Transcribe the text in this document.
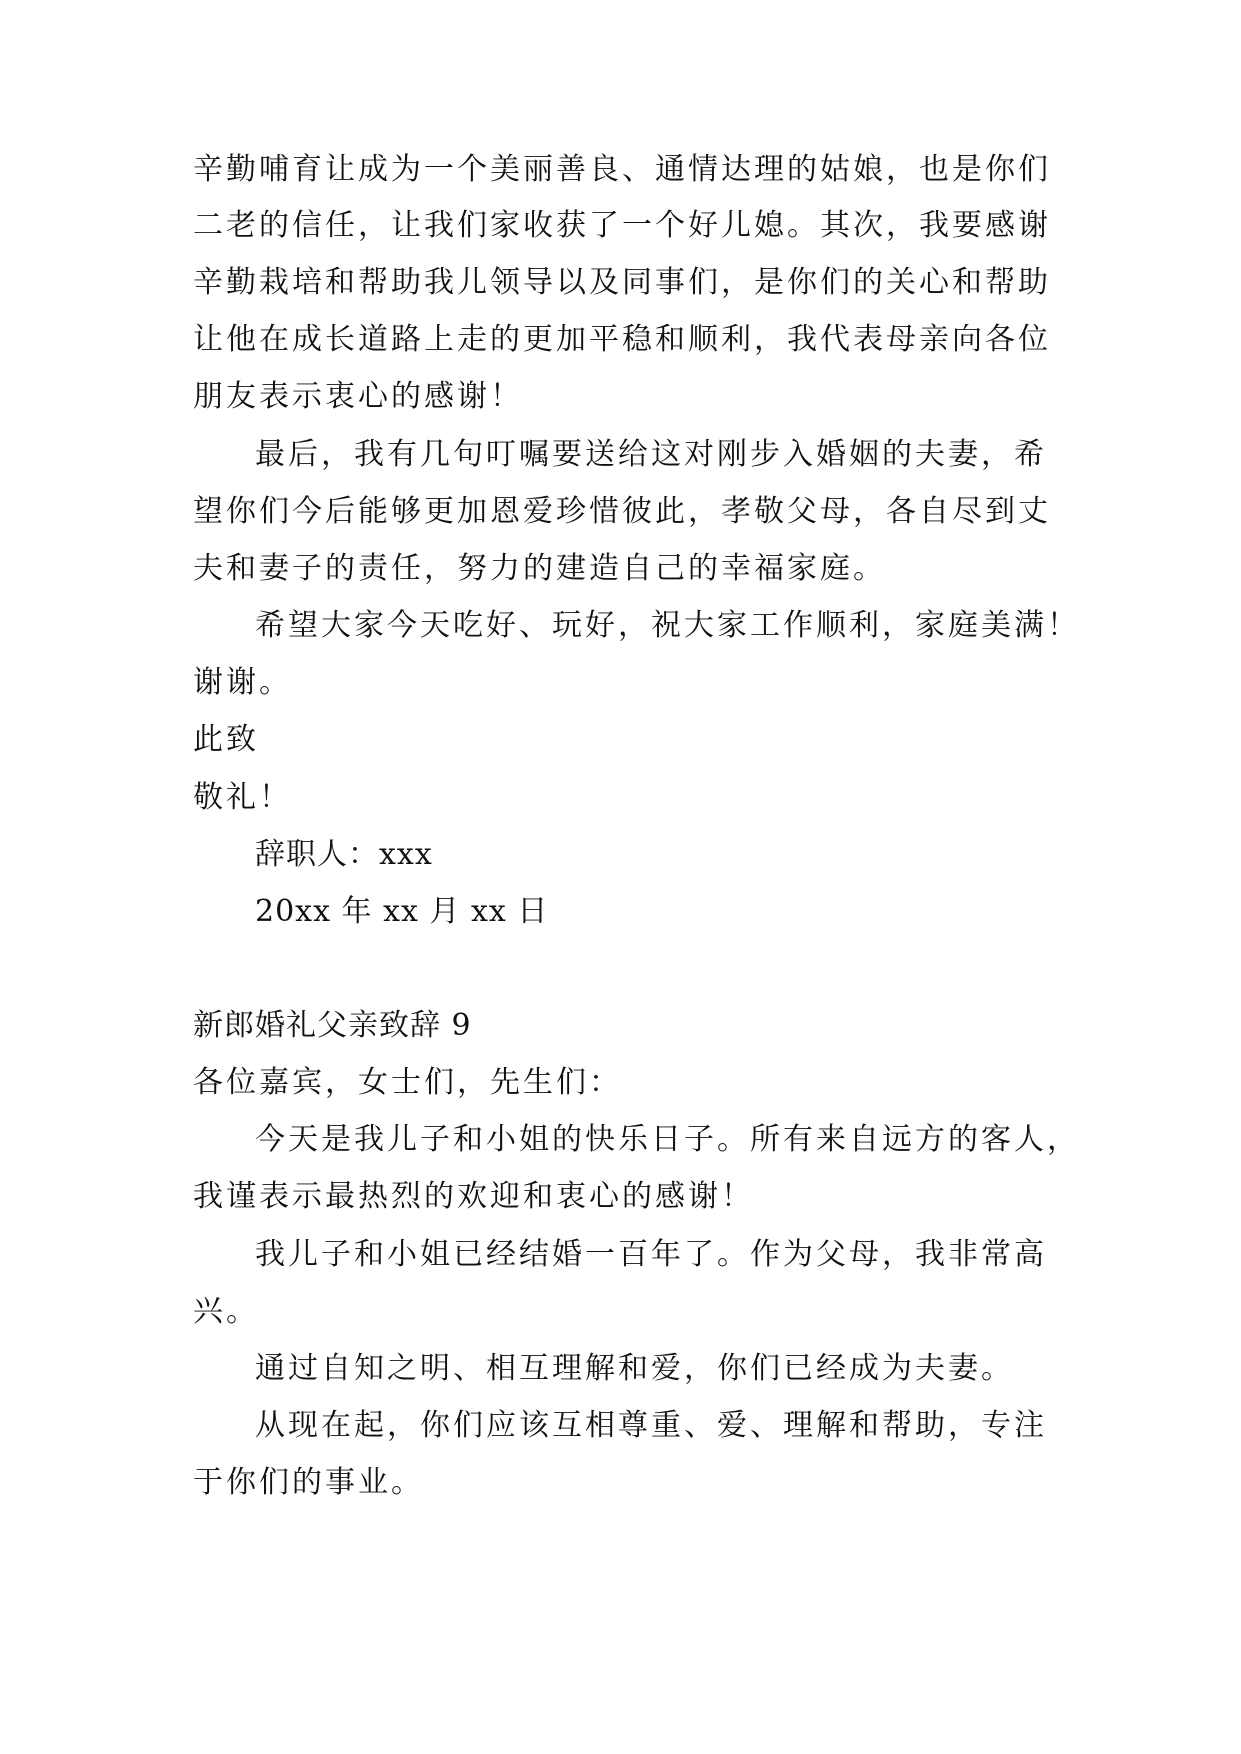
辛勤哺育让成为一个美丽善良、通情达理的姑娘，也是你们
二老的信任，让我们家收获了一个好儿媳。其次，我要感谢
辛勤栽培和帮助我儿领导以及同事们，是你们的关心和帮助
让他在成长道路上走的更加平稳和顺利，我代表母亲向各位
朋友表示衷心的感谢！
最后，我有几句叮嘱要送给这对刚步入婚姻的夫妻，希
望你们今后能够更加恩爱珍惜彼此，孝敬父母，各自尽到丈
夫和妻子的责任，努力的建造自己的幸福家庭。
希望大家今天吃好、玩好，祝大家工作顺利，家庭美满！
谢谢。
此致
敬礼！
辞职人：xxx
20xx 年 xx 月 xx 日
新郎婚礼父亲致辞 9
各位嘉宾，女士们，先生们：
今天是我儿子和小姐的快乐日子。所有来自远方的客人，
我谨表示最热烈的欢迎和衷心的感谢！
我儿子和小姐已经结婚一百年了。作为父母，我非常高
兴。
通过自知之明、相互理解和爱，你们已经成为夫妻。
从现在起，你们应该互相尊重、爱、理解和帮助，专注
于你们的事业。
